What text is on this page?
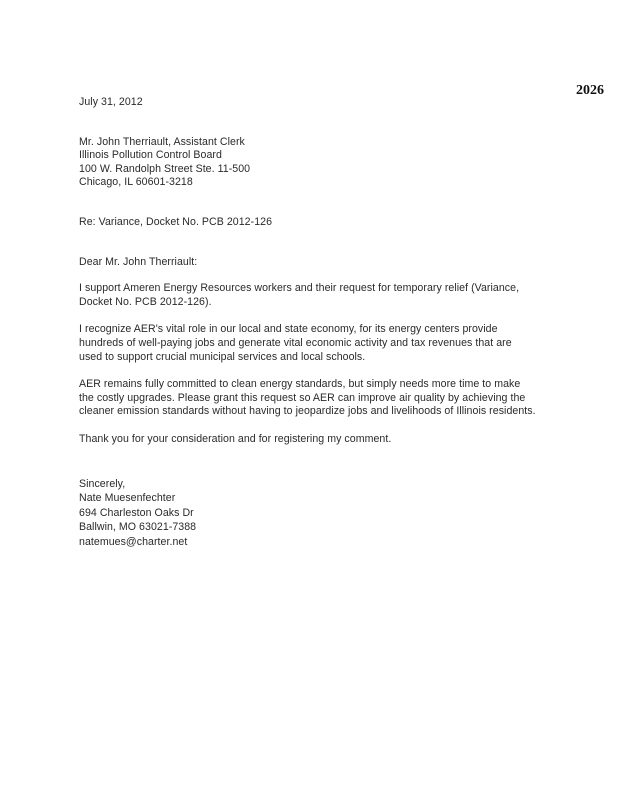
2026
July 31, 2012
Mr. John Therriault, Assistant Clerk
Illinois Pollution Control Board
100 W. Randolph Street Ste. 11-500
Chicago, IL 60601-3218
Re: Variance, Docket No. PCB 2012-126
Dear Mr. John Therriault:
I support Ameren Energy Resources workers and their request for temporary relief (Variance,
Docket No. PCB 2012-126).
I recognize AER's vital role in our local and state economy, for its energy centers provide
hundreds of well-paying jobs and generate vital economic activity and tax revenues that are
used to support crucial municipal services and local schools.
AER remains fully committed to clean energy standards, but simply needs more time to make
the costly upgrades. Please grant this request so AER can improve air quality by achieving the
cleaner emission standards without having to jeopardize jobs and livelihoods of Illinois residents.
Thank you for your consideration and for registering my comment.
Sincerely,
Nate Muesenfechter
694 Charleston Oaks Dr
Ballwin, MO 63021-7388
natemues@charter.net
